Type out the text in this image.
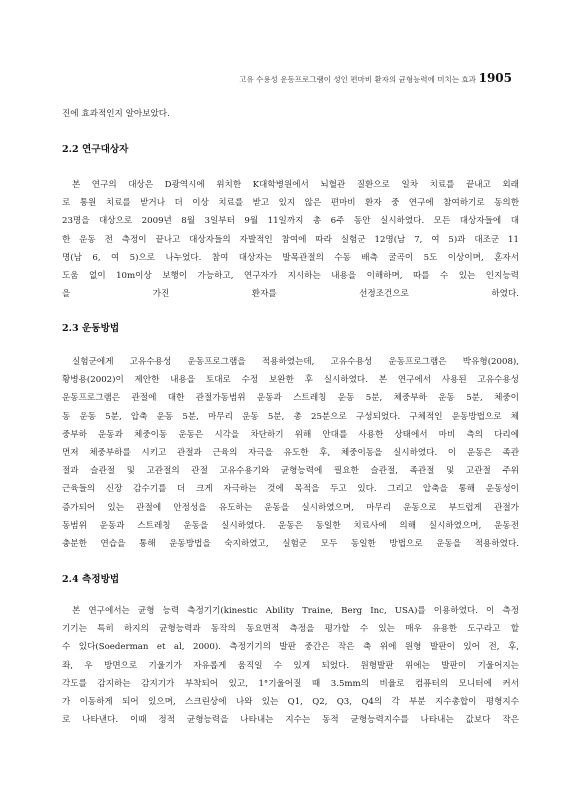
고유 수용성 운동프로그램이 성인 편마비 환자의 균형능력에 미치는 효과 1905
진에 효과적인지 알아보았다.
2.2 연구대상자
본 연구의 대상은 D광역시에 위치한 K대학병원에서 뇌혈관 질환으로 일차 치료를 끝내고 외래
로 통원 치료를 받거나 더 이상 치료를 받고 있지 않은 편마비 환자 중 연구에 참여하기로 동의한
23명을 대상으로 2009년 8월 3일부터 9월 11일까지 총 6주 동안 실시하였다. 모든 대상자들에 대
한 운동 전 측정이 끝나고 대상자들의 자발적인 참여에 따라 실험군 12명(남 7, 여 5)과 대조군 11
명(남 6, 여 5)으로 나누었다. 참여 대상자는 발목관절의 수동 배측 굴곡이 5도 이상이며, 혼자서
도움 없이 10m이상 보행이 가능하고, 연구자가 지시하는 내용을 이해하며, 따를 수 있는 인지능력
을 가진 환자를 선정조건으로 하였다.
2.3 운동방법
실험군에게 고유수용성 운동프로그램을 적용하였는데, 고유수용성 운동프로그램은 박유형(2008),
황병용(2002)이 제안한 내용을 토대로 수정 보완한 후 실시하였다. 본 연구에서 사용된 고유수용성
운동프로그램은 관절에 대한 관절가동범위 운동과 스트레칭 운동 5분, 체중부하 운동 5분, 체중이
동 운동 5분, 압축 운동 5분, 마무리 운동 5분, 총 25분으로 구성되었다. 구체적인 운동방법으로 체
중부하 운동과 체중이동 운동은 시각을 차단하기 위해 안대를 사용한 상태에서 마비 측의 다리에
먼저 체중부하를 시키고 관절과 근육의 자극을 유도한 후, 체중이동을 실시하였다. 이 운동은 족관
절과 슬관절 및 고관절의 관절 고유수용기와 균형능력에 필요한 슬관절, 족관절 및 고관절 주위
근육들의 신장 감수기를 더 크게 자극하는 것에 목적을 두고 있다. 그리고 압축을 통해 운동성이
증가되어 있는 관절에 안정성을 유도하는 운동을 실시하였으며, 마무리 운동으로 부드럽게 관절가
동범위 운동과 스트레칭 운동을 실시하였다. 운동은 동일한 치료사에 의해 실시하였으며, 운동전
충분한 연습을 통해 운동방법을 숙지하였고, 실험군 모두 동일한 방법으로 운동을 적용하였다.
2.4 측정방법
본 연구에서는 균형 능력 측정기기(kinestic Ability Traine, Berg Inc, USA)를 이용하였다. 이 측정
기기는 특히 하지의 균형능력과 동작의 동요면적 측정을 평가할 수 있는 매우 유용한 도구라고 할
수 있다(Soederman et al, 2000). 측정기기의 발판 중간은 작은 축 위에 원형 발판이 있어 전, 후,
좌, 우 방면으로 기울기가 자유롭게 움직일 수 있게 되었다. 원형발판 위에는 발판이 기울어지는
각도를 감지하는 감지기가 부착되어 있고, 1°기울어질 때 3.5mm의 비율로 컴퓨터의 모니터에 커서
가 이동하게 되어 있으며, 스크린상에 나와 있는 Q1, Q2, Q3, Q4의 각 부분 지수총합이 평형지수
로 나타낸다. 이때 정적 균형능력을 나타내는 지수는 동적 균형능력지수를 나타내는 값보다 작은
